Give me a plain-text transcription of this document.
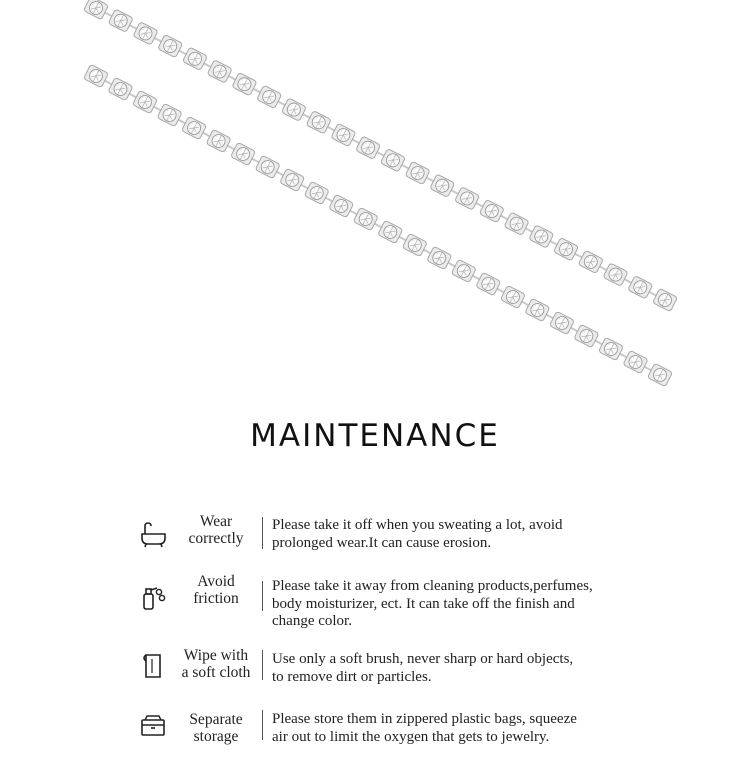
MAINTENANCE
Wear
correctly
Please take it off when you sweating a lot, avoid
prolonged wear.It can cause erosion.
Avoid
friction
Please take it away from cleaning products,perfumes,
body moisturizer, ect. It can take off the finish and
change color.
Wipe with
a soft cloth
Use only a soft brush, never sharp or hard objects,
to remove dirt or particles.
Separate
storage
Please store them in zippered plastic bags, squeeze
air out to limit the oxygen that gets to jewelry.
